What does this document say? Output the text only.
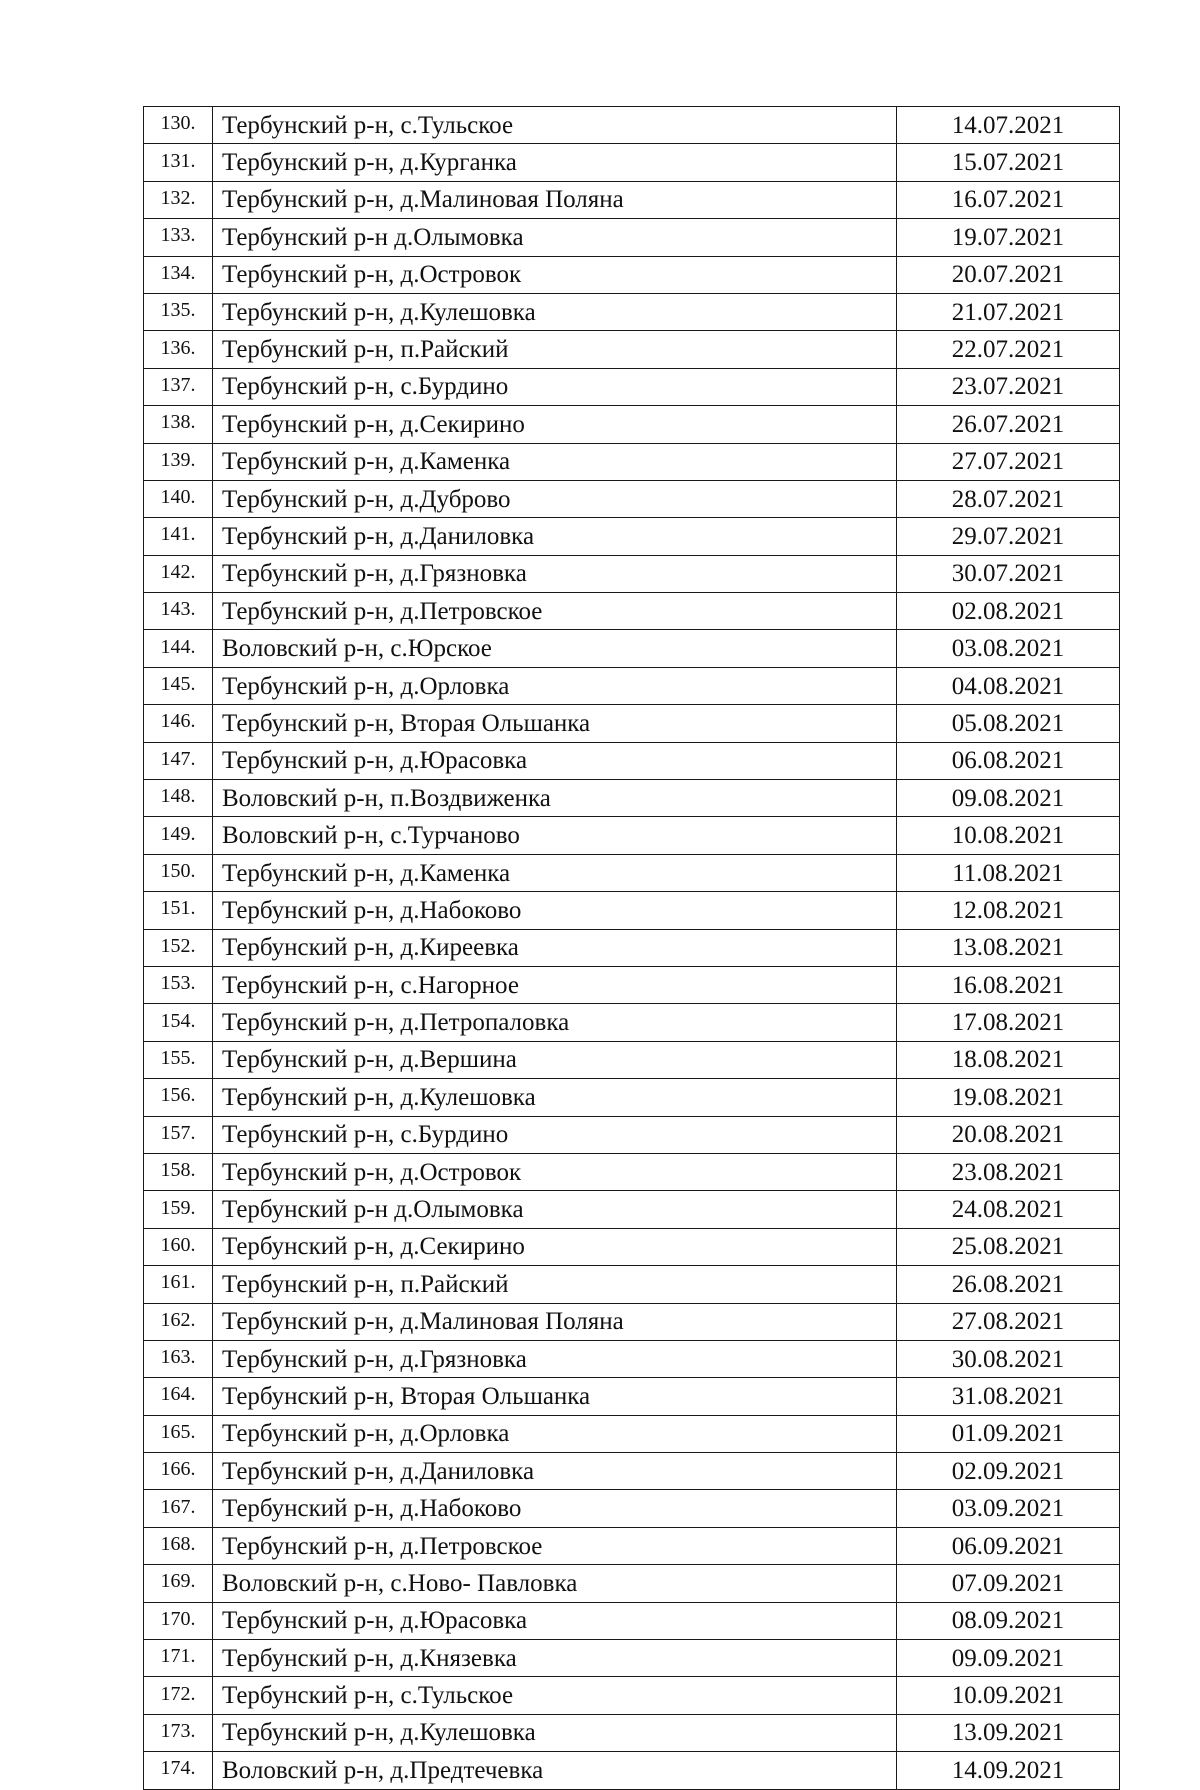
130.	Тербунский р-н, с.Тульское	14.07.2021
131.	Тербунский р-н, д.Курганка	15.07.2021
132.	Тербунский р-н, д.Малиновая Поляна	16.07.2021
133.	Тербунский р-н д.Олымовка	19.07.2021
134.	Тербунский р-н, д.Островок	20.07.2021
135.	Тербунский р-н, д.Кулешовка	21.07.2021
136.	Тербунский р-н, п.Райский	22.07.2021
137.	Тербунский р-н, с.Бурдино	23.07.2021
138.	Тербунский р-н, д.Секирино	26.07.2021
139.	Тербунский р-н, д.Каменка	27.07.2021
140.	Тербунский р-н, д.Дуброво	28.07.2021
141.	Тербунский р-н, д.Даниловка	29.07.2021
142.	Тербунский р-н, д.Грязновка	30.07.2021
143.	Тербунский р-н, д.Петровское	02.08.2021
144.	Воловский р-н, с.Юрское	03.08.2021
145.	Тербунский р-н, д.Орловка	04.08.2021
146.	Тербунский р-н, Вторая Ольшанка	05.08.2021
147.	Тербунский р-н, д.Юрасовка	06.08.2021
148.	Воловский р-н, п.Воздвиженка	09.08.2021
149.	Воловский р-н, с.Турчаново	10.08.2021
150.	Тербунский р-н, д.Каменка	11.08.2021
151.	Тербунский р-н, д.Набоково	12.08.2021
152.	Тербунский р-н, д.Киреевка	13.08.2021
153.	Тербунский р-н, с.Нагорное	16.08.2021
154.	Тербунский р-н, д.Петропаловка	17.08.2021
155.	Тербунский р-н, д.Вершина	18.08.2021
156.	Тербунский р-н, д.Кулешовка	19.08.2021
157.	Тербунский р-н, с.Бурдино	20.08.2021
158.	Тербунский р-н, д.Островок	23.08.2021
159.	Тербунский р-н д.Олымовка	24.08.2021
160.	Тербунский р-н, д.Секирино	25.08.2021
161.	Тербунский р-н, п.Райский	26.08.2021
162.	Тербунский р-н, д.Малиновая Поляна	27.08.2021
163.	Тербунский р-н, д.Грязновка	30.08.2021
164.	Тербунский р-н, Вторая Ольшанка	31.08.2021
165.	Тербунский р-н, д.Орловка	01.09.2021
166.	Тербунский р-н, д.Даниловка	02.09.2021
167.	Тербунский р-н, д.Набоково	03.09.2021
168.	Тербунский р-н, д.Петровское	06.09.2021
169.	Воловский р-н, с.Ново- Павловка	07.09.2021
170.	Тербунский р-н, д.Юрасовка	08.09.2021
171.	Тербунский р-н, д.Князевка	09.09.2021
172.	Тербунский р-н, с.Тульское	10.09.2021
173.	Тербунский р-н, д.Кулешовка	13.09.2021
174.	Воловский р-н, д.Предтечевка	14.09.2021
